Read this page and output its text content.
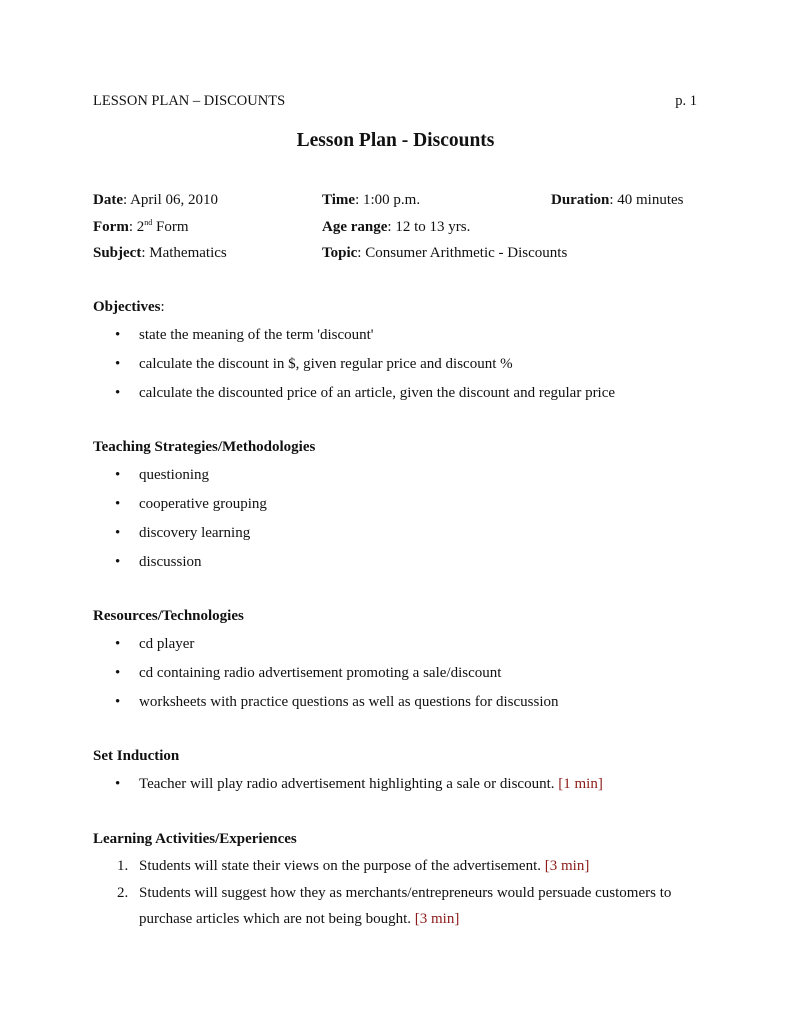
LESSON PLAN – DISCOUNTS	p. 1
Lesson Plan - Discounts
Date: April 06, 2010	Time: 1:00 p.m.	Duration: 40 minutes
Form: 2nd Form	Age range: 12 to 13 yrs.
Subject: Mathematics	Topic: Consumer Arithmetic - Discounts
Objectives:
• state the meaning of the term 'discount'
• calculate the discount in $, given regular price and discount %
• calculate the discounted price of an article, given the discount and regular price
Teaching Strategies/Methodologies
• questioning
• cooperative grouping
• discovery learning
• discussion
Resources/Technologies
• cd player
• cd containing radio advertisement promoting a sale/discount
• worksheets with practice questions as well as questions for discussion
Set Induction
• Teacher will play radio advertisement highlighting a sale or discount. [1 min]
Learning Activities/Experiences
1. Students will state their views on the purpose of the advertisement. [3 min]
2. Students will suggest how they as merchants/entrepreneurs would persuade customers to
purchase articles which are not being bought. [3 min]
